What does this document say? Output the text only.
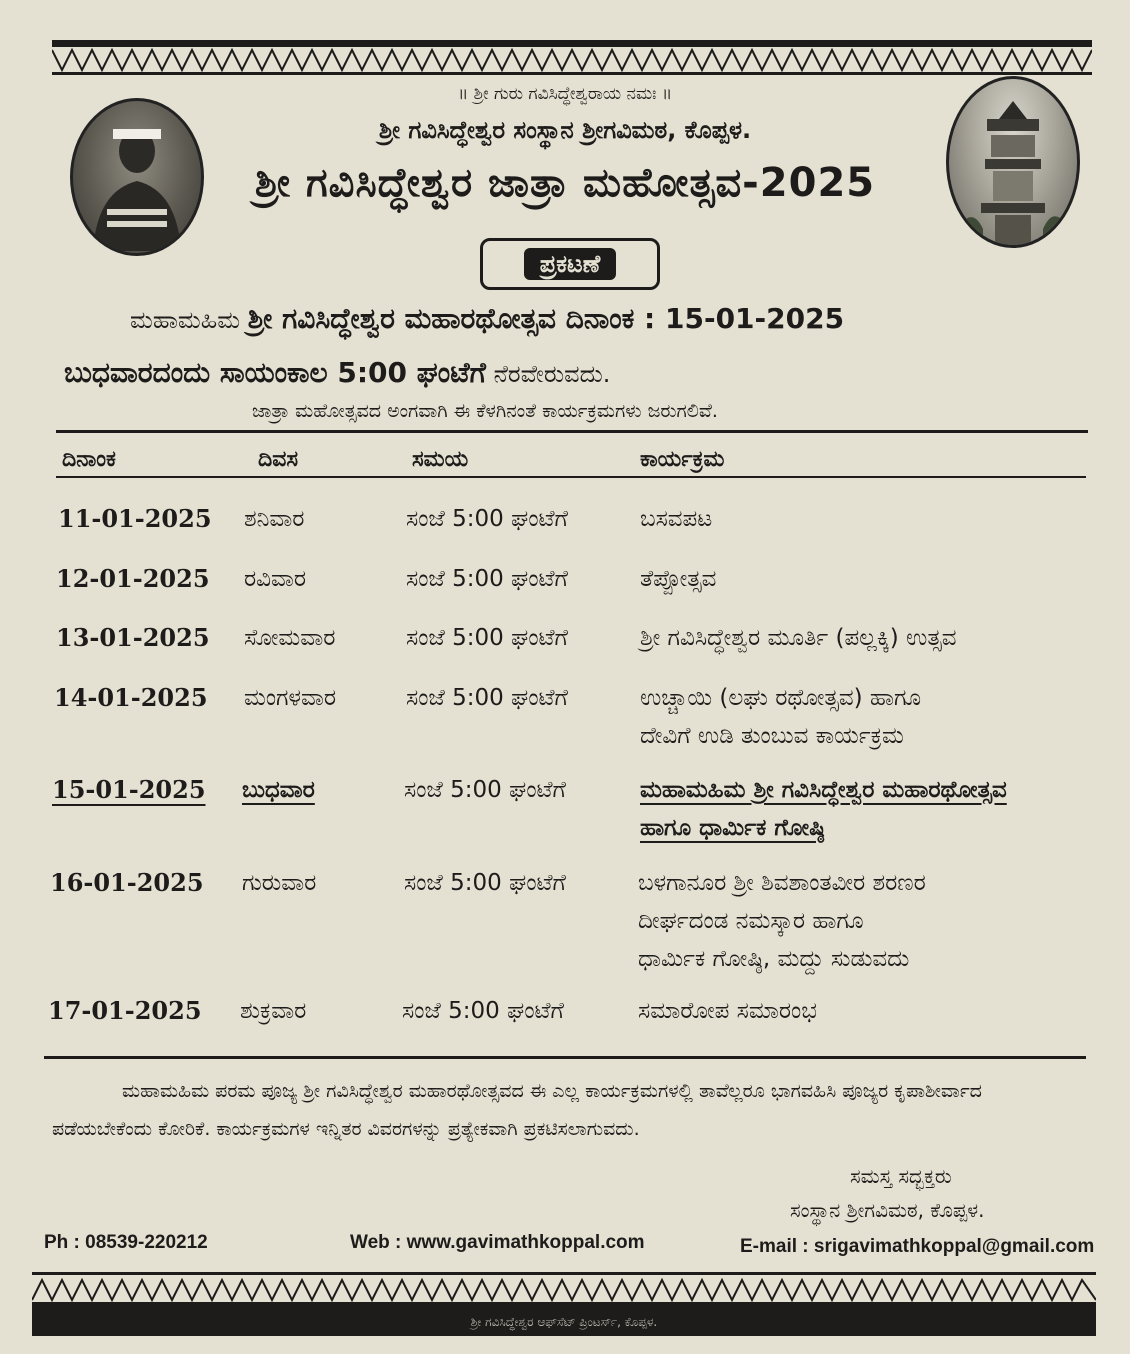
॥ ಶ್ರೀ ಗುರು ಗವಿಸಿದ್ಧೇಶ್ವರಾಯ ನಮಃ ॥
ಶ್ರೀ ಗವಿಸಿದ್ಧೇಶ್ವರ ಸಂಸ್ಥಾನ ಶ್ರೀಗವಿಮಠ, ಕೊಪ್ಪಳ.
ಶ್ರೀ ಗವಿಸಿದ್ಧೇಶ್ವರ ಜಾತ್ರಾ ಮಹೋತ್ಸವ-2025
ಪ್ರಕಟಣೆ
ಮಹಾಮಹಿಮ ಶ್ರೀ ಗವಿಸಿದ್ಧೇಶ್ವರ ಮಹಾರಥೋತ್ಸವ ದಿನಾಂಕ : 15-01-2025
ಬುಧವಾರದಂದು ಸಾಯಂಕಾಲ 5:00 ಘಂಟೆಗೆ ನೆರವೇರುವದು.
ಜಾತ್ರಾ ಮಹೋತ್ಸವದ ಅಂಗವಾಗಿ ಈ ಕೆಳಗಿನಂತೆ ಕಾರ್ಯಕ್ರಮಗಳು ಜರುಗಲಿವೆ.
ದಿನಾಂಕ	ದಿವಸ	ಸಮಯ	ಕಾರ್ಯಕ್ರಮ
11-01-2025 ಶನಿವಾರ	ಸಂಜೆ 5:00 ಘಂಟೆಗೆ	ಬಸವಪಟ
12-01-2025 ರವಿವಾರ	ಸಂಜೆ 5:00 ಘಂಟೆಗೆ	ತೆಪ್ಪೋತ್ಸವ
13-01-2025 ಸೋಮವಾರ	ಸಂಜೆ 5:00 ಘಂಟೆಗೆ	ಶ್ರೀ ಗವಿಸಿದ್ಧೇಶ್ವರ ಮೂರ್ತಿ (ಪಲ್ಲಕ್ಕಿ) ಉತ್ಸವ
14-01-2025 ಮಂಗಳವಾರ	ಸಂಜೆ 5:00 ಘಂಟೆಗೆ	ಉಚ್ಚಾಯಿ (ಲಘು ರಥೋತ್ಸವ) ಹಾಗೂ
ದೇವಿಗೆ ಉಡಿ ತುಂಬುವ ಕಾರ್ಯಕ್ರಮ
15-01-2025 ಬುಧವಾರ	ಸಂಜೆ 5:00 ಘಂಟೆಗೆ	ಮಹಾಮಹಿಮ ಶ್ರೀ ಗವಿಸಿದ್ಧೇಶ್ವರ ಮಹಾರಥೋತ್ಸವ
ಹಾಗೂ ಧಾರ್ಮಿಕ ಗೋಷ್ಠಿ
16-01-2025 ಗುರುವಾರ	ಸಂಜೆ 5:00 ಘಂಟೆಗೆ	ಬಳಗಾನೂರ ಶ್ರೀ ಶಿವಶಾಂತವೀರ ಶರಣರ
ದೀರ್ಘದಂಡ ನಮಸ್ಕಾರ ಹಾಗೂ
ಧಾರ್ಮಿಕ ಗೋಷ್ಠಿ, ಮದ್ದು ಸುಡುವದು
17-01-2025 ಶುಕ್ರವಾರ	ಸಂಜೆ 5:00 ಘಂಟೆಗೆ	ಸಮಾರೋಪ ಸಮಾರಂಭ
ಮಹಾಮಹಿಮ ಪರಮ ಪೂಜ್ಯ ಶ್ರೀ ಗವಿಸಿದ್ಧೇಶ್ವರ ಮಹಾರಥೋತ್ಸವದ ಈ ಎಲ್ಲ ಕಾರ್ಯಕ್ರಮಗಳಲ್ಲಿ ತಾವೆಲ್ಲರೂ ಭಾಗವಹಿಸಿ ಪೂಜ್ಯರ ಕೃಪಾಶೀರ್ವಾದ ಪಡೆಯಬೇಕೆಂದು ಕೋರಿಕೆ. ಕಾರ್ಯಕ್ರಮಗಳ ಇನ್ನಿತರ ವಿವರಗಳನ್ನು ಪ್ರತ್ಯೇಕವಾಗಿ ಪ್ರಕಟಿಸಲಾಗುವದು.
ಸಮಸ್ತ ಸದ್ಭಕ್ತರು
ಸಂಸ್ಥಾನ ಶ್ರೀಗವಿಮಠ, ಕೊಪ್ಪಳ.
Ph : 08539-220212	Web : www.gavimathkoppal.com	E-mail : srigavimathkoppal@gmail.com
ಶ್ರೀ ಗವಿಸಿದ್ಧೇಶ್ವರ ಆಫ್‌ಸೆಟ್ ಪ್ರಿಂಟರ್ಸ್, ಕೊಪ್ಪಳ.
